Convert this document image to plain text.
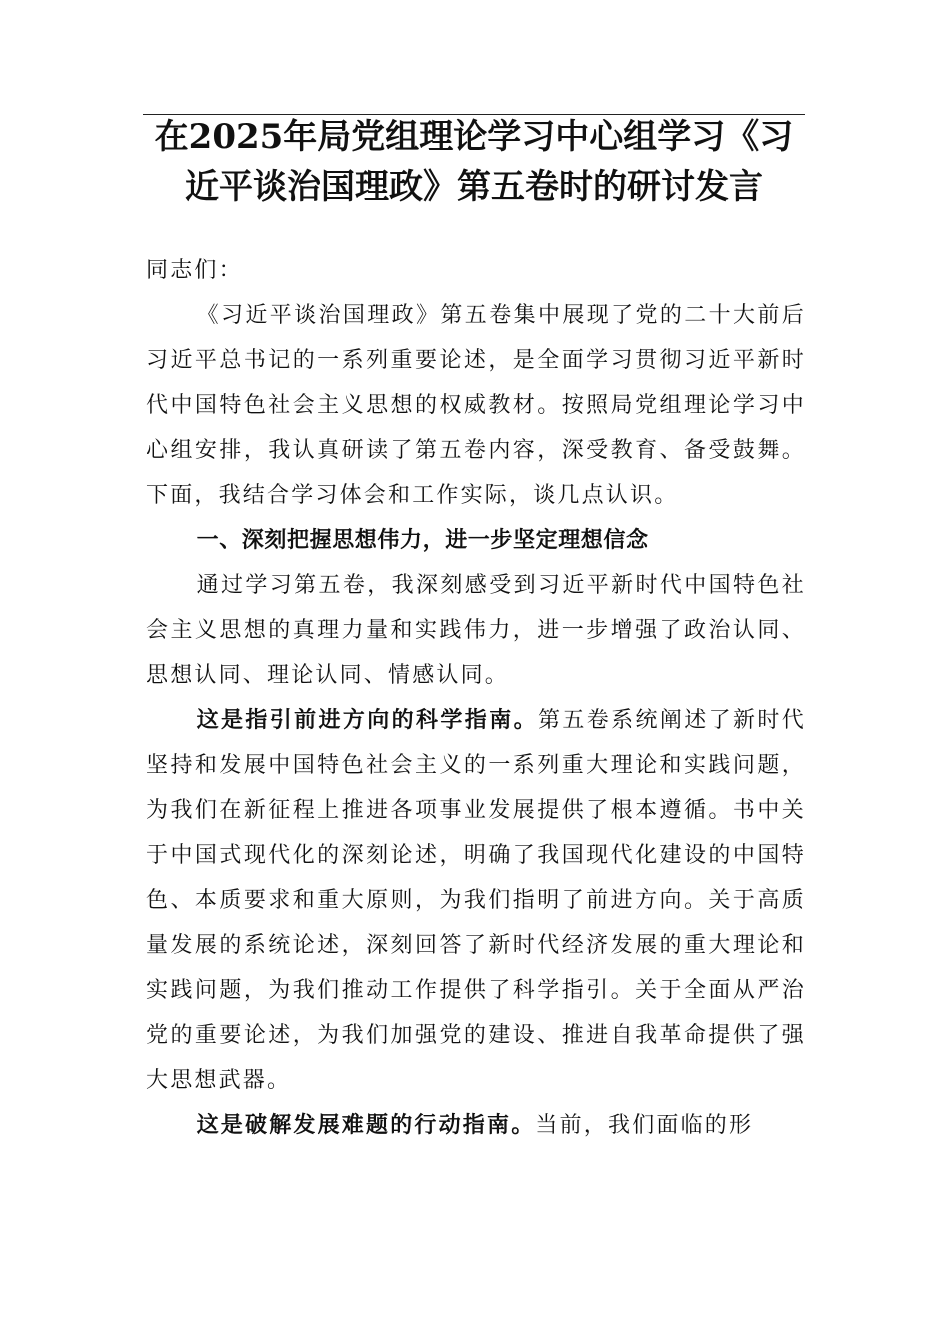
在2025年局党组理论学习中心组学习《习近平谈治国理政》第五卷时的研讨发言

同志们：

《习近平谈治国理政》第五卷集中展现了党的二十大前后习近平总书记的一系列重要论述，是全面学习贯彻习近平新时代中国特色社会主义思想的权威教材。按照局党组理论学习中心组安排，我认真研读了第五卷内容，深受教育、备受鼓舞。下面，我结合学习体会和工作实际，谈几点认识。

一、深刻把握思想伟力，进一步坚定理想信念

通过学习第五卷，我深刻感受到习近平新时代中国特色社会主义思想的真理力量和实践伟力，进一步增强了政治认同、思想认同、理论认同、情感认同。

这是指引前进方向的科学指南。第五卷系统阐述了新时代坚持和发展中国特色社会主义的一系列重大理论和实践问题，为我们在新征程上推进各项事业发展提供了根本遵循。书中关于中国式现代化的深刻论述，明确了我国现代化建设的中国特色、本质要求和重大原则，为我们指明了前进方向。关于高质量发展的系统论述，深刻回答了新时代经济发展的重大理论和实践问题，为我们推动工作提供了科学指引。关于全面从严治党的重要论述，为我们加强党的建设、推进自我革命提供了强大思想武器。

这是破解发展难题的行动指南。当前，我们面临的形
